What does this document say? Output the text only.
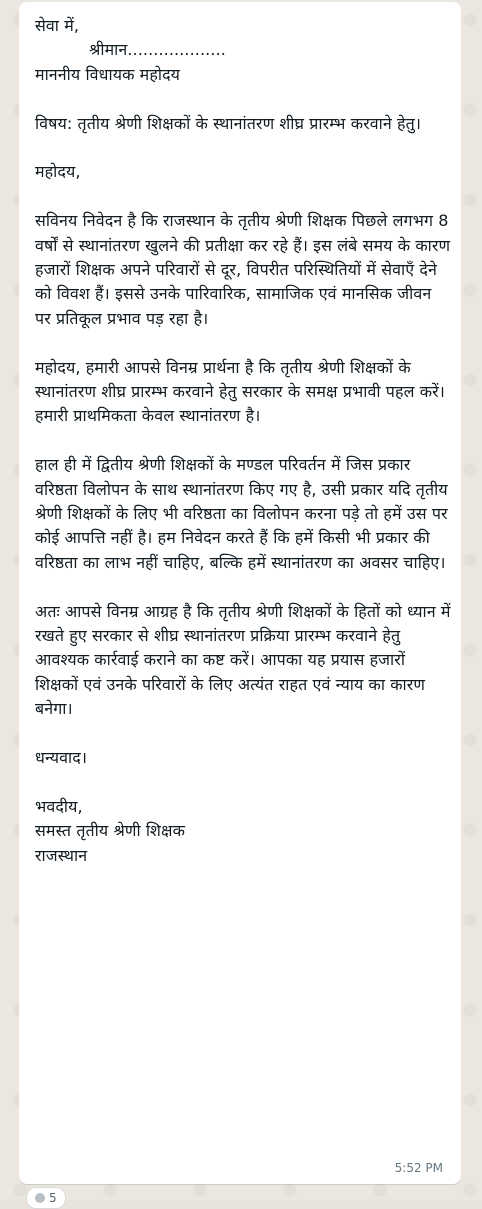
सेवा में,

श्रीमान...................

माननीय विधायक महोदय

विषय: तृतीय श्रेणी शिक्षकों के स्थानांतरण शीघ्र प्रारम्भ करवाने हेतु।

महोदय,

सविनय निवेदन है कि राजस्थान के तृतीय श्रेणी शिक्षक पिछले लगभग 8 वर्षों से स्थानांतरण खुलने की प्रतीक्षा कर रहे हैं। इस लंबे समय के कारण हजारों शिक्षक अपने परिवारों से दूर, विपरीत परिस्थितियों में सेवाएँ देने को विवश हैं। इससे उनके पारिवारिक, सामाजिक एवं मानसिक जीवन पर प्रतिकूल प्रभाव पड़ रहा है।

महोदय, हमारी आपसे विनम्र प्रार्थना है कि तृतीय श्रेणी शिक्षकों के स्थानांतरण शीघ्र प्रारम्भ करवाने हेतु सरकार के समक्ष प्रभावी पहल करें। हमारी प्राथमिकता केवल स्थानांतरण है।

हाल ही में द्वितीय श्रेणी शिक्षकों के मण्डल परिवर्तन में जिस प्रकार वरिष्ठता विलोपन के साथ स्थानांतरण किए गए है, उसी प्रकार यदि तृतीय श्रेणी शिक्षकों के लिए भी वरिष्ठता का विलोपन करना पड़े तो हमें उस पर कोई आपत्ति नहीं है। हम निवेदन करते हैं कि हमें किसी भी प्रकार की वरिष्ठता का लाभ नहीं चाहिए, बल्कि हमें स्थानांतरण का अवसर चाहिए।

अतः आपसे विनम्र आग्रह है कि तृतीय श्रेणी शिक्षकों के हितों को ध्यान में रखते हुए सरकार से शीघ्र स्थानांतरण प्रक्रिया प्रारम्भ करवाने हेतु आवश्यक कार्रवाई कराने का कष्ट करें। आपका यह प्रयास हजारों शिक्षकों एवं उनके परिवारों के लिए अत्यंत राहत एवं न्याय का कारण बनेगा।

धन्यवाद।

भवदीय,

समस्त तृतीय श्रेणी शिक्षक

राजस्थान

5:52 PM
5
